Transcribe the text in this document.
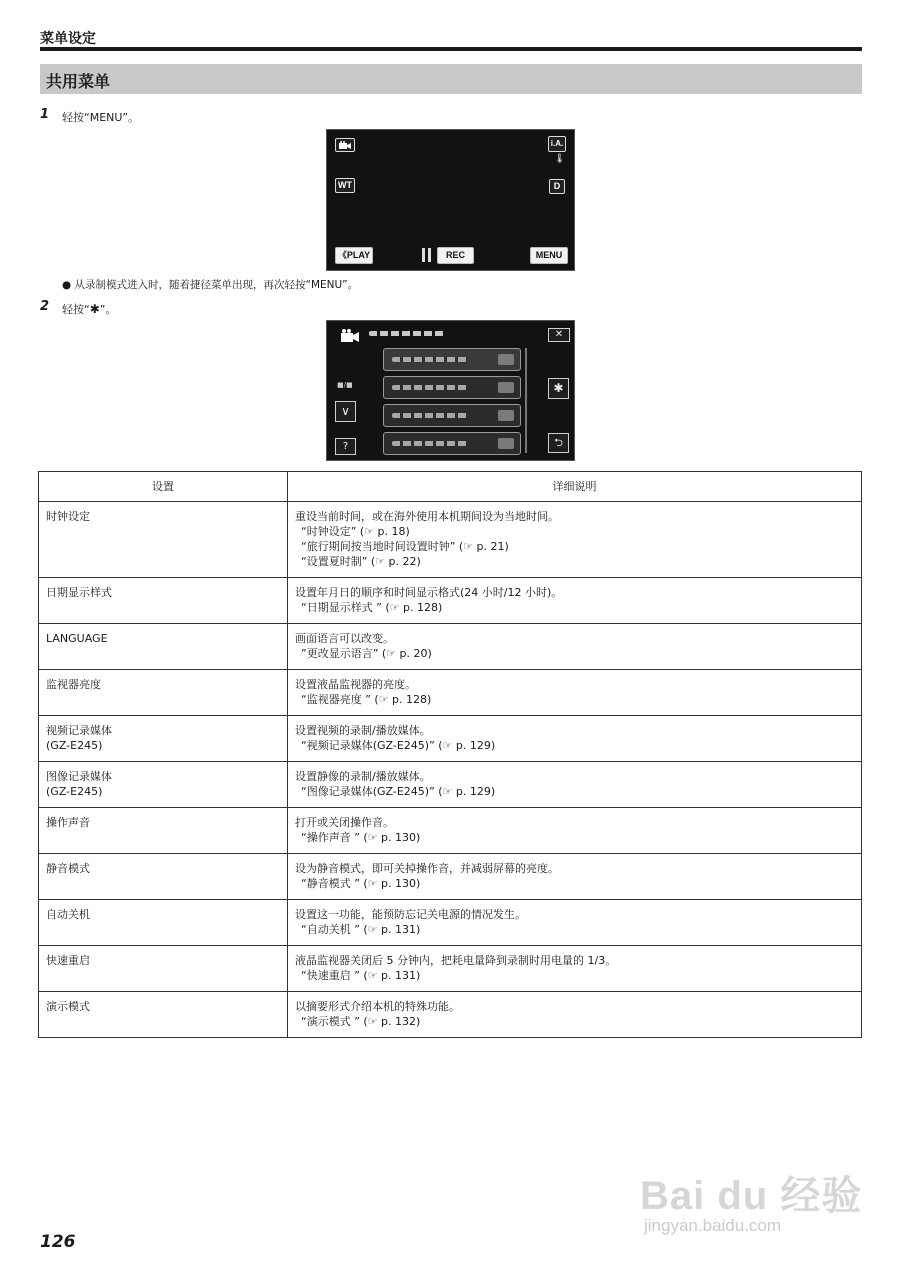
菜单设定
共用菜单
1 轻按“MENU”。
i.A.
🌡
WT	D
《PLAY	REC	MENU
● 从录制模式进入时，随着捷径菜单出现，再次轻按“MENU”。
2 轻按“✱”。
✕
■/■
∨
?
✱
⮌
设置	详细说明

时钟设定	重设当前时间，或在海外使用本机期间设为当地时间。
“时钟设定” (☞ p. 18)
“旅行期间按当地时间设置时钟” (☞ p. 21)
“设置夏时制” (☞ p. 22)

日期显示样式	设置年月日的顺序和时间显示格式(24 小时/12 小时)。
“日期显示样式 ” (☞ p. 128)

LANGUAGE	画面语言可以改变。
”更改显示语言” (☞ p. 20)

监视器亮度	设置液晶监视器的亮度。
“监视器亮度 ” (☞ p. 128)

视频记录媒体
(GZ-E245)	设置视频的录制/播放媒体。
“视频记录媒体(GZ-E245)” (☞ p. 129)

图像记录媒体
(GZ-E245)	设置静像的录制/播放媒体。
“图像记录媒体(GZ-E245)” (☞ p. 129)

操作声音	打开或关闭操作音。
“操作声音 ” (☞ p. 130)

静音模式	设为静音模式，即可关掉操作音，并减弱屏幕的亮度。
“静音模式 ” (☞ p. 130)

自动关机	设置这一功能，能预防忘记关电源的情况发生。
“自动关机 ” (☞ p. 131)

快速重启	液晶监视器关闭后 5 分钟内，把耗电量降到录制时用电量的 1/3。
“快速重启 ” (☞ p. 131)

演示模式	以摘要形式介绍本机的特殊功能。
“演示模式 ” (☞ p. 132)
126
Bai du 经验
jingyan.baidu.com
